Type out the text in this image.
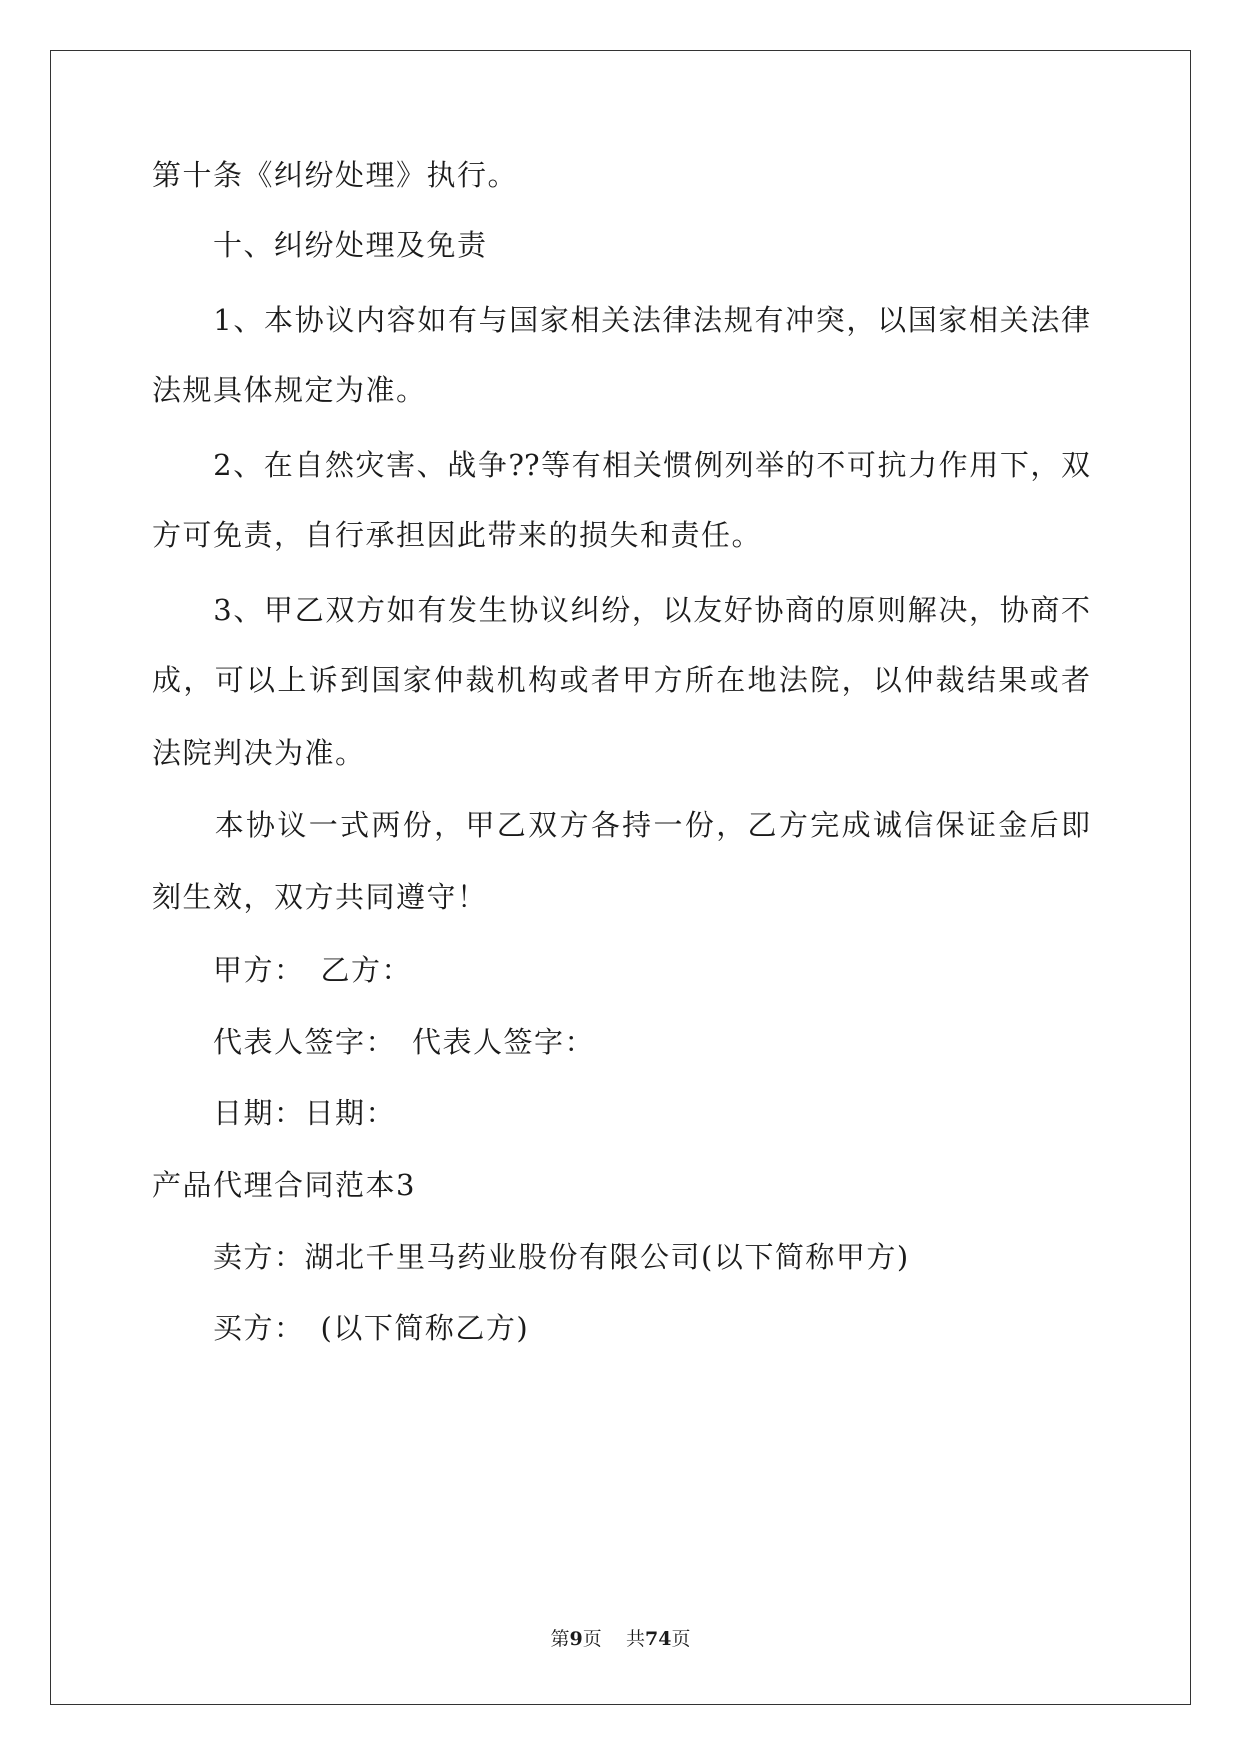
第十条《纠纷处理》执行。
　　十、纠纷处理及免责
　　1、本协议内容如有与国家相关法律法规有冲突，以国家相关法律
法规具体规定为准。
　　2、在自然灾害、战争??等有相关惯例列举的不可抗力作用下，双
方可免责，自行承担因此带来的损失和责任。
　　3、甲乙双方如有发生协议纠纷，以友好协商的原则解决，协商不
成，可以上诉到国家仲裁机构或者甲方所在地法院，以仲裁结果或者
法院判决为准。
　　本协议一式两份，甲乙双方各持一份，乙方完成诚信保证金后即
刻生效，双方共同遵守！
　　甲方：　乙方：
　　代表人签字：　代表人签字：
　　日期：日期：
产品代理合同范本3
　　卖方：湖北千里马药业股份有限公司(以下简称甲方)
　　买方：　(以下简称乙方)
第9页 共74页
